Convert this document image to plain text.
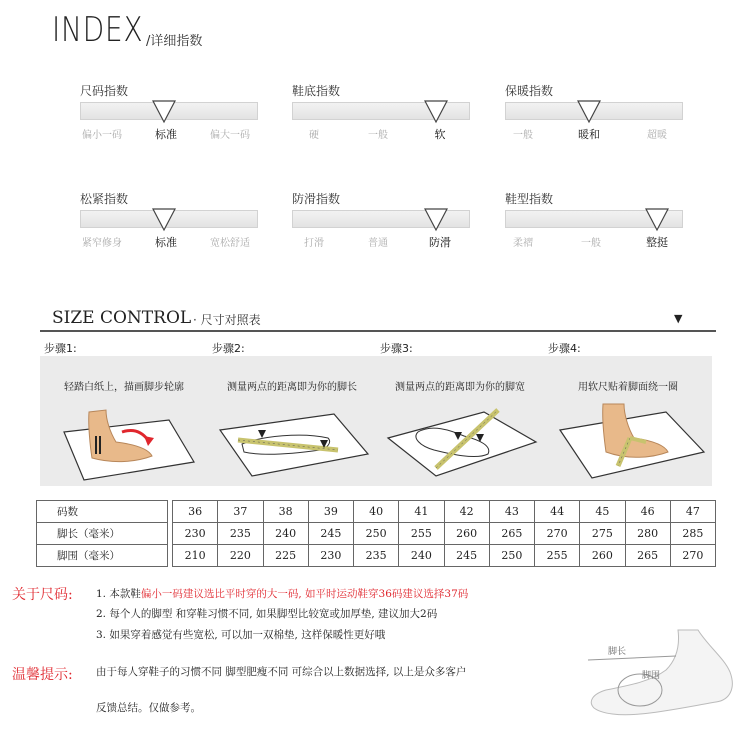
INDEX /详细指数
尺码指数
偏小一码	标准	偏大一码
鞋底指数
硬	一般	软
保暖指数
一般	暖和	超暖
松紧指数
紧窄修身	标准	宽松舒适
防滑指数
打滑	普通	防滑
鞋型指数
柔褶	一般	整挺
SIZE CONTROL · 尺寸对照表	▼
步骤1:
轻踏白纸上，描画脚步轮廓
步骤2:
测量两点的距离即为你的脚长
步骤3:
测量两点的距离即为你的脚宽
步骤4:
用软尺贴着脚面绕一圈
码数		36	37	38	39	40	41	42	43	44	45	46	47
脚长（毫米）		230	235	240	245	250	255	260	265	270	275	280	285
脚围（毫米）		210	220	225	230	235	240	245	250	255	260	265	270
关于尺码: 1. 本款鞋偏小一码建议选比平时穿的大一码, 如平时运动鞋穿36码建议选择37码
2. 每个人的脚型 和穿鞋习惯不同, 如果脚型比较宽或加厚垫, 建议加大2码
3. 如果穿着感觉有些宽松, 可以加一双棉垫, 这样保暖性更好哦
温馨提示: 由于每人穿鞋子的习惯不同 脚型肥瘦不同 可综合以上数据选择, 以上是众多客户
反馈总结。仅做参考。
脚长
脚围
